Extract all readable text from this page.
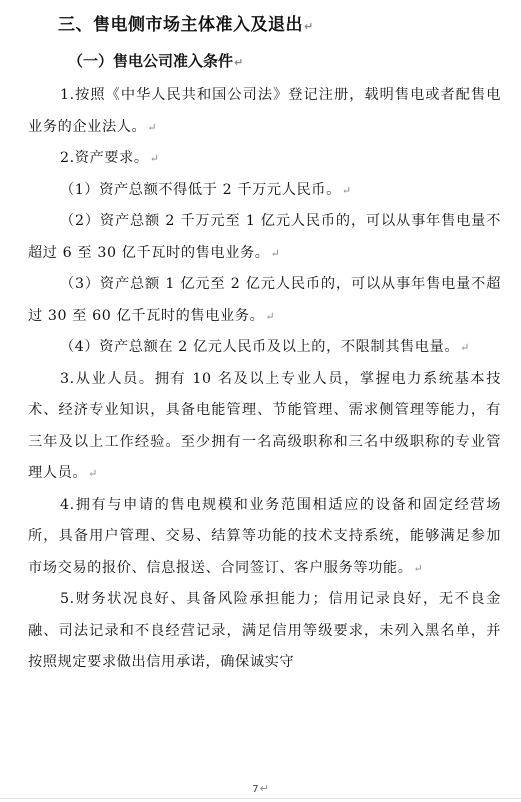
三、售电侧市场主体准入及退出↵

（一）售电公司准入条件↵

1.按照《中华人民共和国公司法》登记注册，载明售电或者配售电业务的企业法人。↵

2.资产要求。↵

（1）资产总额不得低于 2 千万元人民币。↵

（2）资产总额 2 千万元至 1 亿元人民币的，可以从事年售电量不超过 6 至 30 亿千瓦时的售电业务。↵

（3）资产总额 1 亿元至 2 亿元人民币的，可以从事年售电量不超过 30 至 60 亿千瓦时的售电业务。↵

（4）资产总额在 2 亿元人民币及以上的，不限制其售电量。↵

3.从业人员。拥有 10 名及以上专业人员，掌握电力系统基本技术、经济专业知识，具备电能管理、节能管理、需求侧管理等能力，有三年及以上工作经验。至少拥有一名高级职称和三名中级职称的专业管理人员。↵

4.拥有与申请的售电规模和业务范围相适应的设备和固定经营场所，具备用户管理、交易、结算等功能的技术支持系统，能够满足参加市场交易的报价、信息报送、合同签订、客户服务等功能。↵

5.财务状况良好、具备风险承担能力；信用记录良好，无不良金融、司法记录和不良经营记录，满足信用等级要求，未列入黑名单，并按照规定要求做出信用承诺，确保诚实守

7↵
